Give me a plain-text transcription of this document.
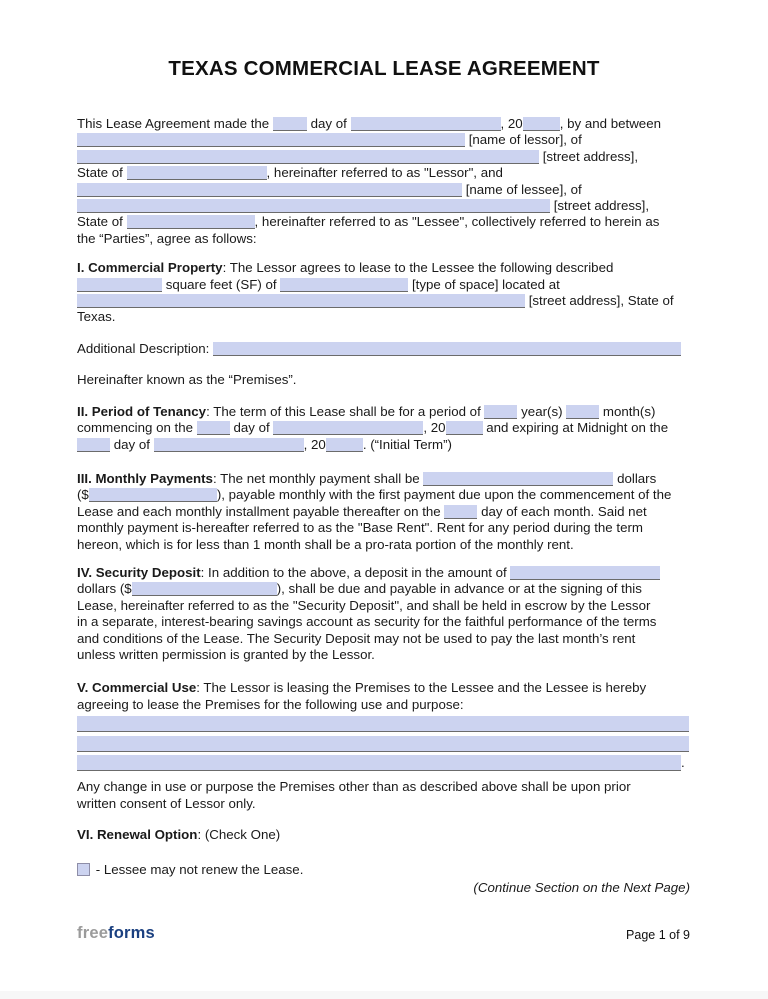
TEXAS COMMERCIAL LEASE AGREEMENT
This Lease Agreement made the	day of	, 20	, by and between
[name of lessor], of
[street address],
State of	, hereinafter referred to as "Lessor", and
[name of lessee], of
[street address],
State of	, hereinafter referred to as "Lessee", collectively referred to herein as
the “Parties”, agree as follows:
I. Commercial Property: The Lessor agrees to lease to the Lessee the following described
square feet (SF) of	[type of space] located at
[street address], State of
Texas.
Additional Description:
Hereinafter known as the “Premises”.
II. Period of Tenancy: The term of this Lease shall be for a period of  year(s)  month(s)
commencing on the  day of	, 20	and expiring at Midnight on the
day of	, 20	. (“Initial Term”)
III. Monthly Payments: The net monthly payment shall be	dollars
($	), payable monthly with the first payment due upon the commencement of the
Lease and each monthly installment payable thereafter on the  day of each month. Said net
monthly payment is-hereafter referred to as the "Base Rent". Rent for any period during the term
hereon, which is for less than 1 month shall be a pro-rata portion of the monthly rent.
IV. Security Deposit: In addition to the above, a deposit in the amount of
dollars ($	), shall be due and payable in advance or at the signing of this
Lease, hereinafter referred to as the "Security Deposit", and shall be held in escrow by the Lessor
in a separate, interest-bearing savings account as security for the faithful performance of the terms
and conditions of the Lease. The Security Deposit may not be used to pay the last month’s rent
unless written permission is granted by the Lessor.
V. Commercial Use: The Lessor is leasing the Premises to the Lessee and the Lessee is hereby
agreeing to lease the Premises for the following use and purpose:

.
Any change in use or purpose the Premises other than as described above shall be upon prior
written consent of Lessor only.
VI. Renewal Option: (Check One)
- Lessee may not renew the Lease.
(Continue Section on the Next Page)
freeforms	Page 1 of 9
